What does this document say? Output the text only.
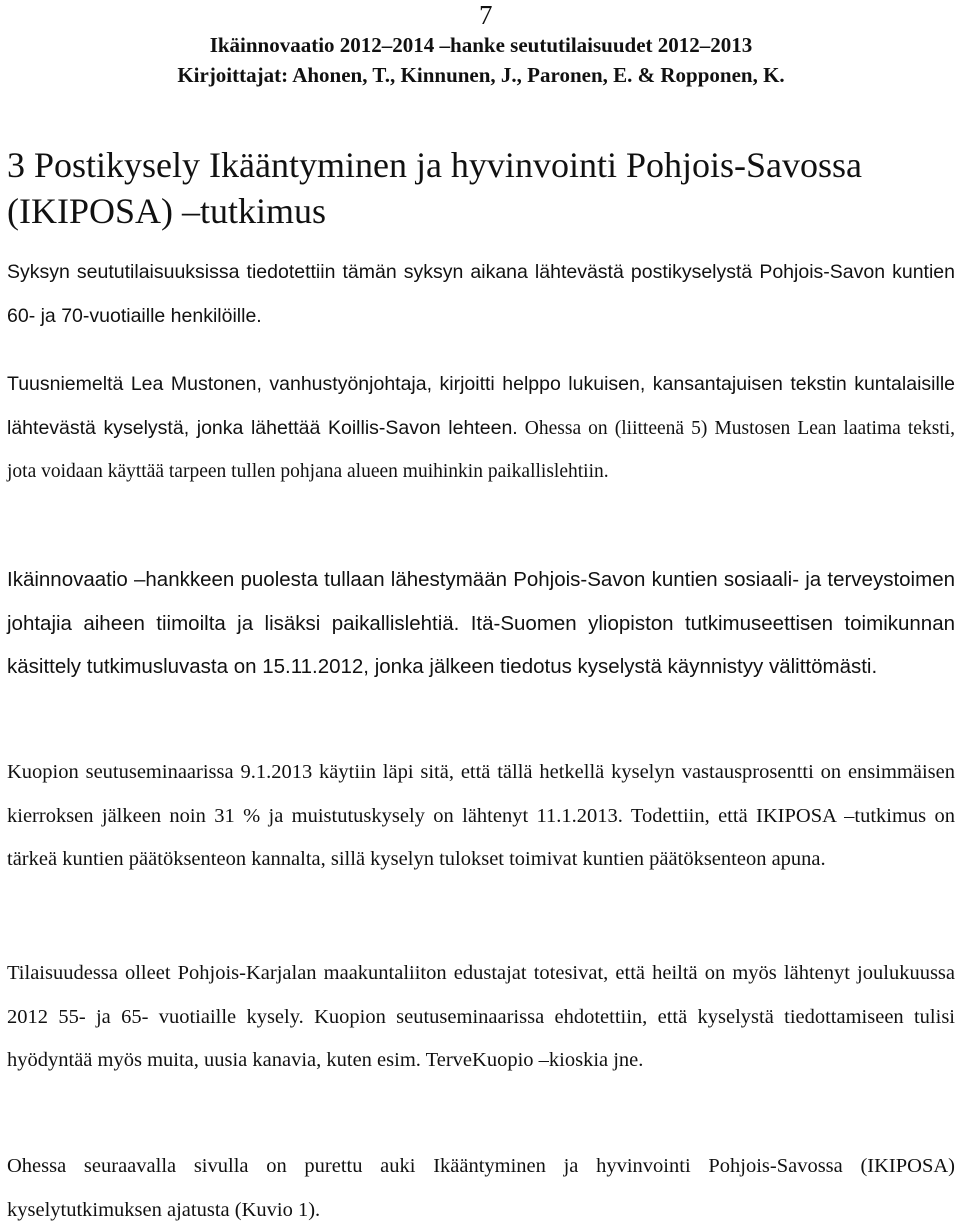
7
Ikäinnovaatio 2012–2014 –hanke seututilaisuudet 2012–2013
Kirjoittajat: Ahonen, T., Kinnunen, J., Paronen, E. & Ropponen, K.
3 Postikysely Ikääntyminen ja hyvinvointi Pohjois-Savossa
(IKIPOSA) –tutkimus

Syksyn seututilaisuuksissa tiedotettiin tämän syksyn aikana lähtevästä postikyselystä Pohjois-Savon kuntien 60- ja 70-vuotiaille henkilöille.

Tuusniemeltä Lea Mustonen, vanhustyönjohtaja, kirjoitti helppo lukuisen, kansantajuisen tekstin kuntalaisille lähtevästä kyselystä, jonka lähettää Koillis-Savon lehteen. Ohessa on (liitteenä 5) Mustosen Lean laatima teksti, jota voidaan käyttää tarpeen tullen pohjana alueen muihinkin paikallislehtiin.

Ikäinnovaatio –hankkeen puolesta tullaan lähestymään Pohjois-Savon kuntien sosiaali- ja terveystoimen johtajia aiheen tiimoilta ja lisäksi paikallislehtiä. Itä-Suomen yliopiston tutkimuseettisen toimikunnan käsittely tutkimusluvasta on 15.11.2012, jonka jälkeen tiedotus kyselystä käynnistyy välittömästi.

Kuopion seutuseminaarissa 9.1.2013 käytiin läpi sitä, että tällä hetkellä kyselyn vastausprosentti on ensimmäisen kierroksen jälkeen noin 31 % ja muistutuskysely on lähtenyt 11.1.2013. Todettiin, että IKIPOSA –tutkimus on tärkeä kuntien päätöksenteon kannalta, sillä kyselyn tulokset toimivat kuntien päätöksenteon apuna.

Tilaisuudessa olleet Pohjois-Karjalan maakuntaliiton edustajat totesivat, että heiltä on myös lähtenyt joulukuussa 2012 55- ja 65- vuotiaille kysely. Kuopion seutuseminaarissa ehdotettiin, että kyselystä tiedottamiseen tulisi hyödyntää myös muita, uusia kanavia, kuten esim. TerveKuopio –kioskia jne.

Ohessa seuraavalla sivulla on purettu auki Ikääntyminen ja hyvinvointi Pohjois-Savossa (IKIPOSA) kyselytutkimuksen ajatusta (Kuvio 1).
